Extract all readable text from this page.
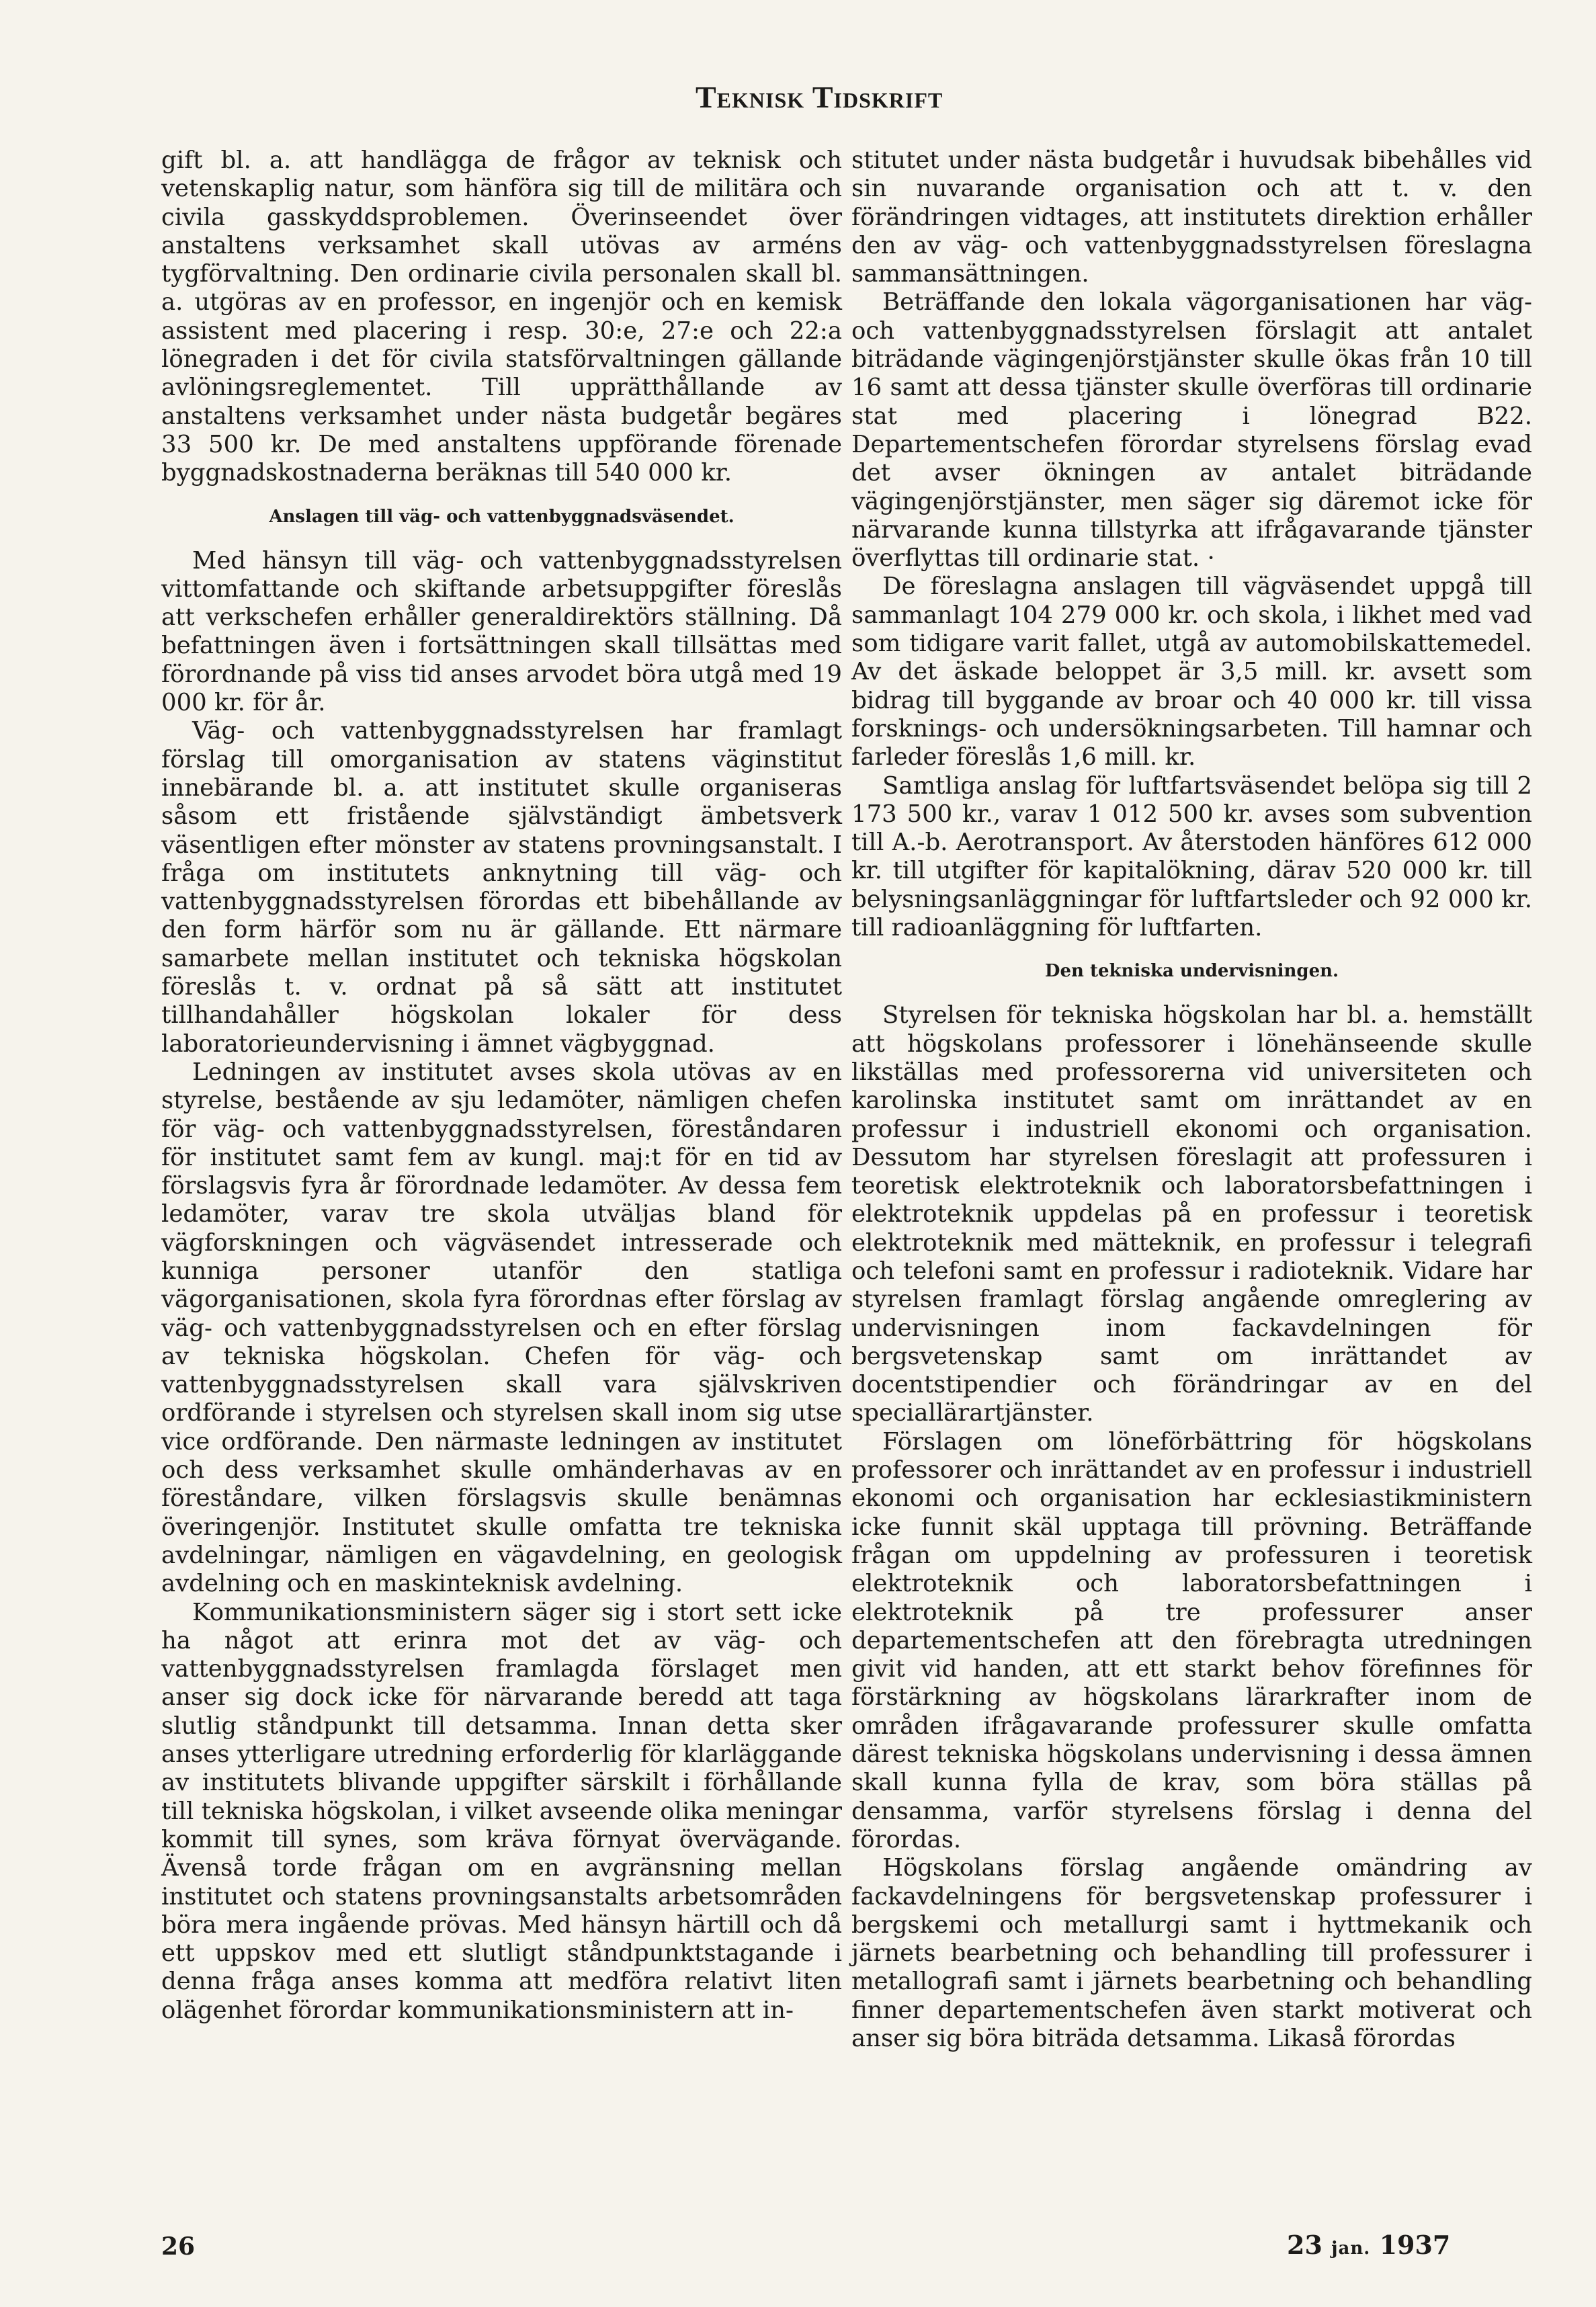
Teknisk Tidskrift

gift bl. a. att handlägga de frågor av teknisk och vetenskaplig natur, som hänföra sig till de militära och civila gasskyddsproblemen. Överinseendet över anstaltens verksamhet skall utövas av arméns tygförvaltning. Den ordinarie civila personalen skall bl. a. utgöras av en professor, en ingenjör och en kemisk assistent med placering i resp. 30:e, 27:e och 22:a lönegraden i det för civila statsförvaltningen gällande avlöningsreglementet. Till upprätthållande av anstaltens verksamhet under nästa budgetår begäres 33 500 kr. De med anstaltens uppförande förenade byggnadskostnaderna beräknas till 540 000 kr.

Anslagen till väg- och vattenbyggnadsväsendet.

Med hänsyn till väg- och vattenbyggnadsstyrelsen vittomfattande och skiftande arbetsuppgifter föreslås att verkschefen erhåller generaldirektörs ställning. Då befattningen även i fortsättningen skall tillsättas med förordnande på viss tid anses arvodet böra utgå med 19 000 kr. för år.

Väg- och vattenbyggnadsstyrelsen har framlagt förslag till omorganisation av statens väginstitut innebärande bl. a. att institutet skulle organiseras såsom ett fristående självständigt ämbetsverk väsentligen efter mönster av statens provningsanstalt. I fråga om institutets anknytning till väg- och vattenbyggnadsstyrelsen förordas ett bibehållande av den form härför som nu är gällande. Ett närmare samarbete mellan institutet och tekniska högskolan föreslås t. v. ordnat på så sätt att institutet tillhandahåller högskolan lokaler för dess laboratorieundervisning i ämnet vägbyggnad.

Ledningen av institutet avses skola utövas av en styrelse, bestående av sju ledamöter, nämligen chefen för väg- och vattenbyggnadsstyrelsen, föreståndaren för institutet samt fem av kungl. maj:t för en tid av förslagsvis fyra år förordnade ledamöter. Av dessa fem ledamöter, varav tre skola utväljas bland för vägforskningen och vägväsendet intresserade och kunniga personer utanför den statliga vägorganisationen, skola fyra förordnas efter förslag av väg- och vattenbyggnadsstyrelsen och en efter förslag av tekniska högskolan. Chefen för väg- och vattenbyggnadsstyrelsen skall vara självskriven ordförande i styrelsen och styrelsen skall inom sig utse vice ordförande. Den närmaste ledningen av institutet och dess verksamhet skulle omhänderhavas av en föreståndare, vilken förslagsvis skulle benämnas överingenjör. Institutet skulle omfatta tre tekniska avdelningar, nämligen en vägavdelning, en geologisk avdelning och en maskinteknisk avdelning.

Kommunikationsministern säger sig i stort sett icke ha något att erinra mot det av väg- och vattenbyggnadsstyrelsen framlagda förslaget men anser sig dock icke för närvarande beredd att taga slutlig ståndpunkt till detsamma. Innan detta sker anses ytterligare utredning erforderlig för klarläggande av institutets blivande uppgifter särskilt i förhållande till tekniska högskolan, i vilket avseende olika meningar kommit till synes, som kräva förnyat övervägande. Ävenså torde frågan om en avgränsning mellan institutet och statens provningsanstalts arbetsområden böra mera ingående prövas. Med hänsyn härtill och då ett uppskov med ett slutligt ståndpunktstagande i denna fråga anses komma att medföra relativt liten olägenhet förordar kommunikationsministern att in-

stitutet under nästa budgetår i huvudsak bibehålles vid sin nuvarande organisation och att t. v. den förändringen vidtages, att institutets direktion erhåller den av väg- och vattenbyggnadsstyrelsen föreslagna sammansättningen.

Beträffande den lokala vägorganisationen har väg- och vattenbyggnadsstyrelsen förslagit att antalet biträdande vägingenjörstjänster skulle ökas från 10 till 16 samt att dessa tjänster skulle överföras till ordinarie stat med placering i lönegrad B22. Departementschefen förordar styrelsens förslag evad det avser ökningen av antalet biträdande vägingenjörstjänster, men säger sig däremot icke för närvarande kunna tillstyrka att ifrågavarande tjänster överflyttas till ordinarie stat. ·

De föreslagna anslagen till vägväsendet uppgå till sammanlagt 104 279 000 kr. och skola, i likhet med vad som tidigare varit fallet, utgå av automobilskattemedel. Av det äskade beloppet är 3,5 mill. kr. avsett som bidrag till byggande av broar och 40 000 kr. till vissa forsknings- och undersökningsarbeten. Till hamnar och farleder föreslås 1,6 mill. kr.

Samtliga anslag för luftfartsväsendet belöpa sig till 2 173 500 kr., varav 1 012 500 kr. avses som subvention till A.-b. Aerotransport. Av återstoden hänföres 612 000 kr. till utgifter för kapitalökning, därav 520 000 kr. till belysningsanläggningar för luftfartsleder och 92 000 kr. till radioanläggning för luftfarten.

Den tekniska undervisningen.

Styrelsen för tekniska högskolan har bl. a. hemställt att högskolans professorer i lönehänseende skulle likställas med professorerna vid universiteten och karolinska institutet samt om inrättandet av en professur i industriell ekonomi och organisation. Dessutom har styrelsen föreslagit att professuren i teoretisk elektroteknik och laboratorsbefattningen i elektroteknik uppdelas på en professur i teoretisk elektroteknik med mätteknik, en professur i telegrafi och telefoni samt en professur i radioteknik. Vidare har styrelsen framlagt förslag angående omreglering av undervisningen inom fackavdelningen för bergsvetenskap samt om inrättandet av docentstipendier och förändringar av en del speciallärartjänster.

Förslagen om löneförbättring för högskolans professorer och inrättandet av en professur i industriell ekonomi och organisation har ecklesiastikministern icke funnit skäl upptaga till prövning. Beträffande frågan om uppdelning av professuren i teoretisk elektroteknik och laboratorsbefattningen i elektroteknik på tre professurer anser departementschefen att den förebragta utredningen givit vid handen, att ett starkt behov förefinnes för förstärkning av högskolans lärarkrafter inom de områden ifrågavarande professurer skulle omfatta därest tekniska högskolans undervisning i dessa ämnen skall kunna fylla de krav, som böra ställas på densamma, varför styrelsens förslag i denna del förordas.

Högskolans förslag angående omändring av fackavdelningens för bergsvetenskap professurer i bergskemi och metallurgi samt i hyttmekanik och järnets bearbetning och behandling till professurer i metallografi samt i järnets bearbetning och behandling finner departementschefen även starkt motiverat och anser sig böra biträda detsamma. Likaså förordas

26	23 jan. 1937
